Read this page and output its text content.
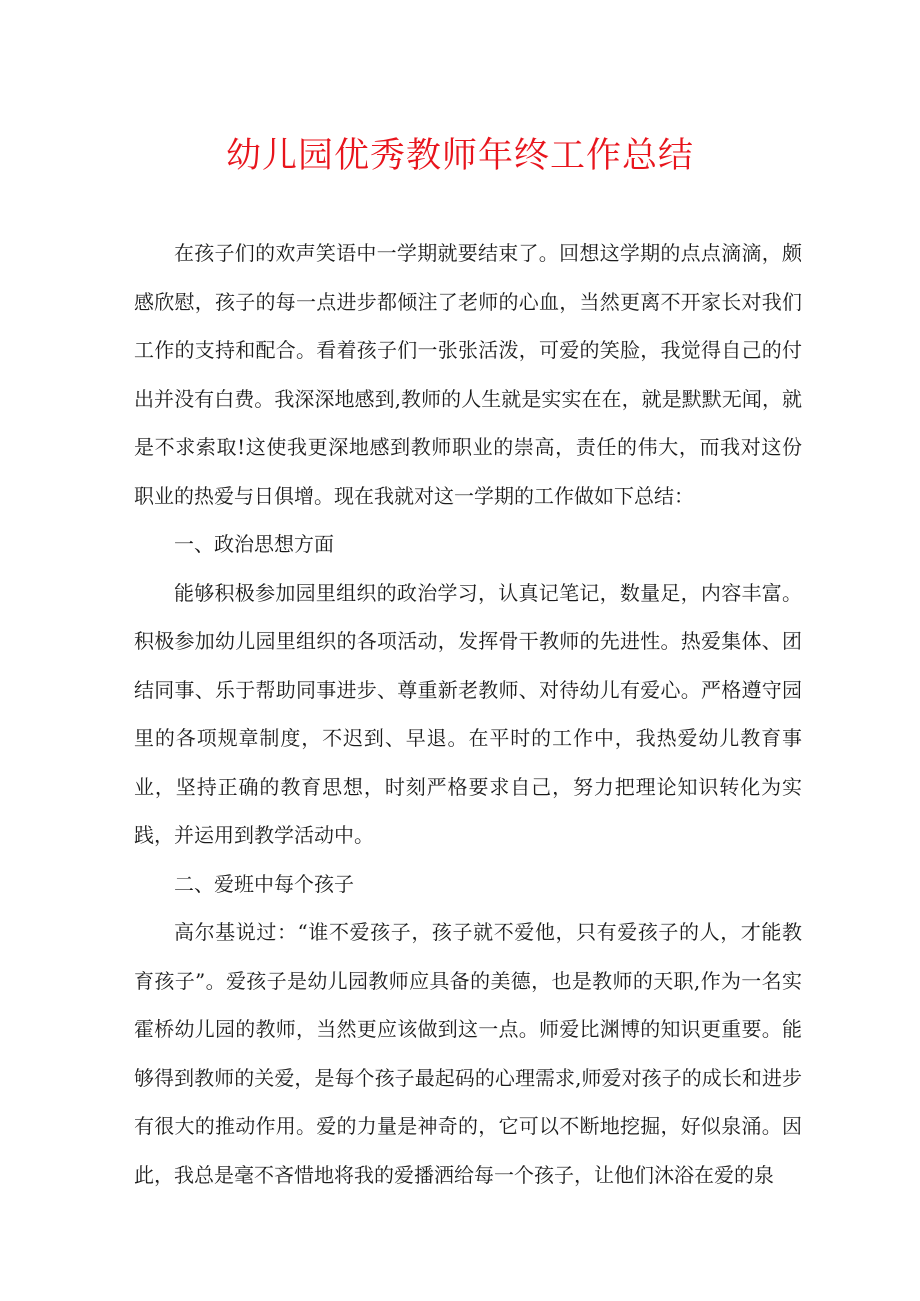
幼儿园优秀教师年终工作总结

在孩子们的欢声笑语中一学期就要结束了。回想这学期的点点滴滴，颇感欣慰，孩子的每一点进步都倾注了老师的心血，当然更离不开家长对我们工作的支持和配合。看着孩子们一张张活泼，可爱的笑脸，我觉得自己的付出并没有白费。我深深地感到,教师的人生就是实实在在，就是默默无闻，就是不求索取!这使我更深地感到教师职业的崇高，责任的伟大，而我对这份职业的热爱与日俱增。现在我就对这一学期的工作做如下总结：

一、政治思想方面

能够积极参加园里组织的政治学习，认真记笔记，数量足，内容丰富。积极参加幼儿园里组织的各项活动，发挥骨干教师的先进性。热爱集体、团结同事、乐于帮助同事进步、尊重新老教师、对待幼儿有爱心。严格遵守园里的各项规章制度，不迟到、早退。在平时的工作中，我热爱幼儿教育事业，坚持正确的教育思想，时刻严格要求自己，努力把理论知识转化为实践，并运用到教学活动中。

二、爱班中每个孩子

高尔基说过：“谁不爱孩子，孩子就不爱他，只有爱孩子的人，才能教育孩子”。爱孩子是幼儿园教师应具备的美德，也是教师的天职,作为一名实霍桥幼儿园的教师，当然更应该做到这一点。师爱比渊博的知识更重要。能够得到教师的关爱，是每个孩子最起码的心理需求,师爱对孩子的成长和进步有很大的推动作用。爱的力量是神奇的，它可以不断地挖掘，好似泉涌。因此，我总是毫不吝惜地将我的爱播洒给每一个孩子，让他们沐浴在爱的泉
